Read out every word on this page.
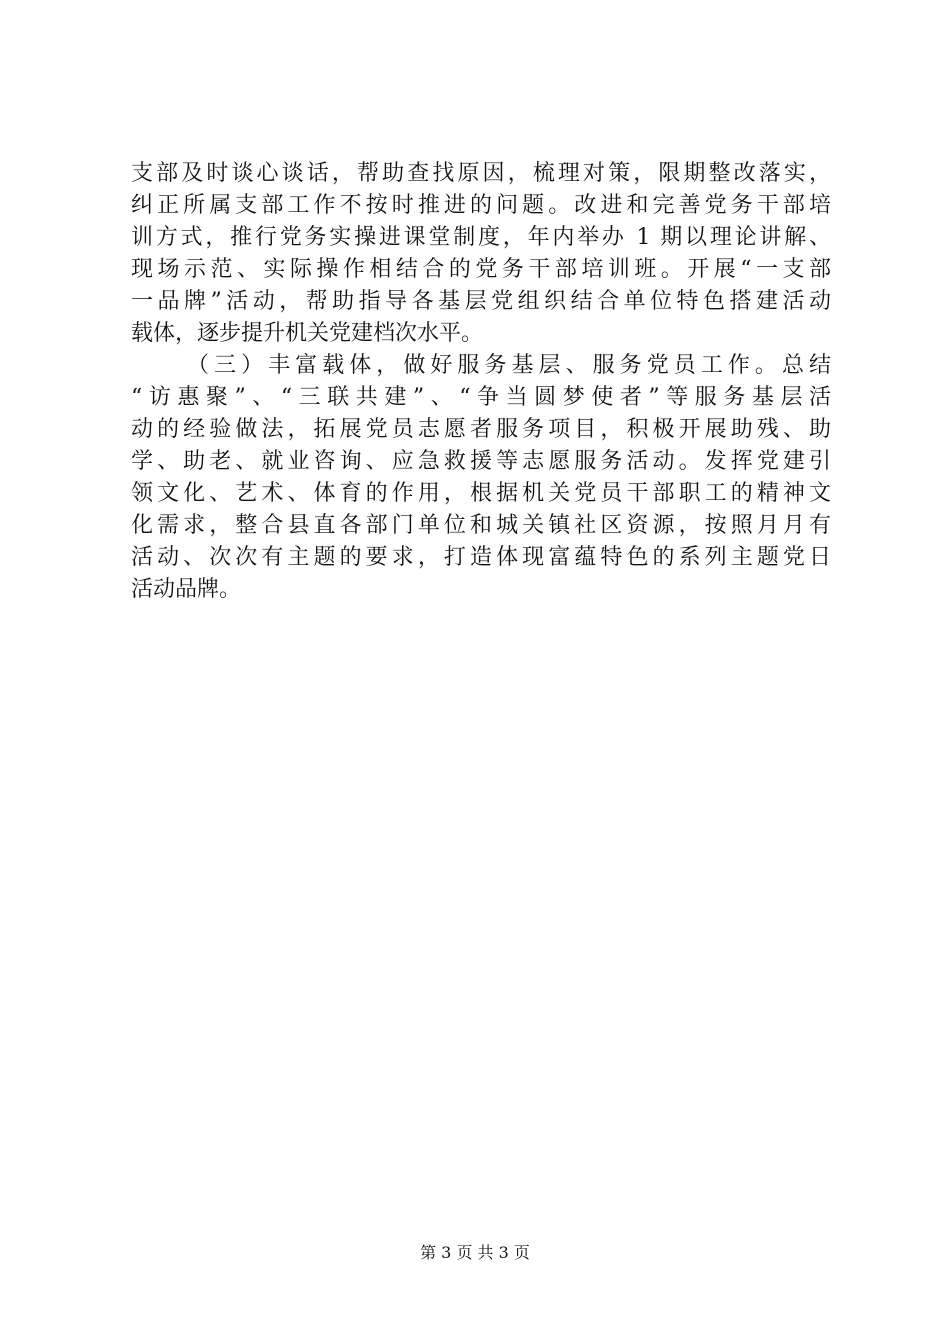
支部及时谈心谈话，帮助查找原因，梳理对策，限期整改落实，
纠正所属支部工作不按时推进的问题。改进和完善党务干部培
训方式，推行党务实操进课堂制度，年内举办 1 期以理论讲解、
现场示范、实际操作相结合的党务干部培训班。开展“一支部
一品牌”活动，帮助指导各基层党组织结合单位特色搭建活动
载体，逐步提升机关党建档次水平。
（三）丰富载体，做好服务基层、服务党员工作。总结
“访惠聚”、“三联共建”、“争当圆梦使者”等服务基层活
动的经验做法，拓展党员志愿者服务项目，积极开展助残、助
学、助老、就业咨询、应急救援等志愿服务活动。发挥党建引
领文化、艺术、体育的作用，根据机关党员干部职工的精神文
化需求，整合县直各部门单位和城关镇社区资源，按照月月有
活动、次次有主题的要求，打造体现富蕴特色的系列主题党日
活动品牌。
第 3 页 共 3 页
